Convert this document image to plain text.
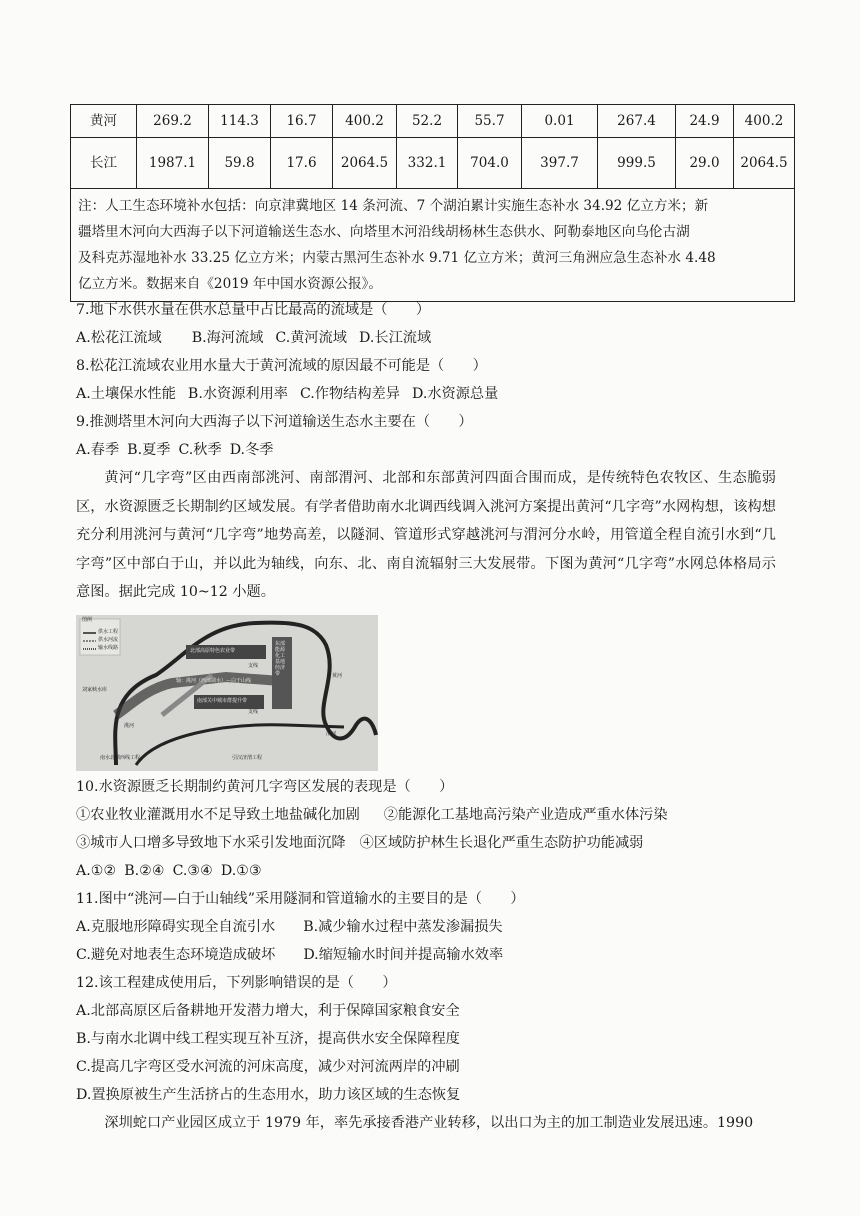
黄河	269.2	114.3	16.7	400.2	52.2	55.7	0.01	267.4	24.9	400.2
长江	1987.1	59.8	17.6	2064.5	332.1	704.0	397.7	999.5	29.0	2064.5

注：人工生态环境补水包括：向京津冀地区 14 条河流、7 个湖泊累计实施生态补水 34.92 亿立方米；新
疆塔里木河向大西海子以下河道输送生态水、向塔里木河沿线胡杨林生态供水、阿勒泰地区向乌伦古湖
及科克苏湿地补水 33.25 亿立方米；内蒙古黑河生态补水 9.71 亿立方米；黄河三角洲应急生态补水 4.48
亿立方米。数据来自《2019 年中国水资源公报》。										
7.地下水供水量在供水总量中占比最高的流域是（　　）
A.松花江流域 B.海河流域 C.黄河流域 D.长江流域
8.松花江流域农业用水量大于黄河流域的原因最不可能是（　　）
A.土壤保水性能 B.水资源利用率 C.作物结构差异 D.水资源总量
9.推测塔里木河向大西海子以下河道输送生态水主要在（　　）
A.春季 B.夏季 C.秋季 D.冬季

黄河“几字弯”区由西南部洮河、南部渭河、北部和东部黄河四面合围而成，是传统特色农牧区、生态脆弱区，水资源匮乏长期制约区域发展。有学者借助南水北调西线调入洮河方案提出黄河“几字弯”水网构想，该构想充分利用洮河与黄河“几字弯”地势高差，以隧洞、管道形式穿越洮河与渭河分水岭，用管道全程自流引水到“几字弯”区中部白于山，并以此为轴线，向东、北、南自流辐射三大发展带。下图为黄河“几字弯”水网总体格局示意图。据此完成 10~12 小题。

图例
供水工程
供水河流
输水线路	北部高原特色农业带
南部关中城市群提升带
东部能源化工基地经济带
轴：洮河（西部调水）—白于山线
黄河
渭河
洮河
支线
支线
刘家峡水库
南水北调西线工程	引汉济渭工程
10.水资源匮乏长期制约黄河几字弯区发展的表现是（　　）
①农业牧业灌溉用水不足导致土地盐碱化加剧 ②能源化工基地高污染产业造成严重水体污染
③城市人口增多导致地下水采引发地面沉降 ④区域防护林生长退化严重生态防护功能减弱
A.①② B.②④ C.③④ D.①③
11.图中“洮河—白于山轴线”采用隧洞和管道输水的主要目的是（　　）
A.克服地形障碍实现全自流引水 B.减少输水过程中蒸发渗漏损失
C.避免对地表生态环境造成破坏 D.缩短输水时间并提高输水效率
12.该工程建成使用后，下列影响错误的是（　　）
A.北部高原区后备耕地开发潜力增大，利于保障国家粮食安全
B.与南水北调中线工程实现互补互济，提高供水安全保障程度
C.提高几字弯区受水河流的河床高度，减少对河流两岸的冲刷
D.置换原被生产生活挤占的生态用水，助力该区域的生态恢复

深圳蛇口产业园区成立于 1979 年，率先承接香港产业转移，以出口为主的加工制造业发展迅速。1990
